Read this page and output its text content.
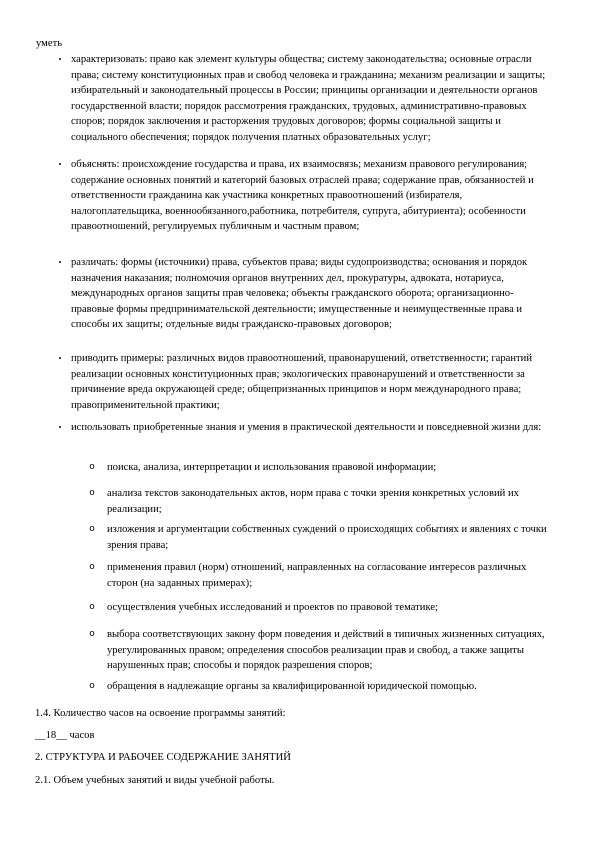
уметь
• характеризовать: право как элемент культуры общества; систему законодательства; основные отрасли права; систему конституционных прав и свобод человека и гражданина; механизм реализации и защиты; избирательный и законодательный процессы в России; принципы организации и деятельности органов государственной власти; порядок рассмотрения гражданских, трудовых, административно-правовых споров; порядок заключения и расторжения трудовых договоров; формы социальной защиты и социального обеспечения; порядок получения платных образовательных услуг;
• объяснять: происхождение государства и права, их взаимосвязь; механизм правового регулирования; содержание основных понятий и категорий базовых отраслей права; содержание прав, обязанностей и ответственности гражданина как участника конкретных правоотношений (избирателя, налогоплательщика, военнообязанного,работника, потребителя, супруга, абитуриента); особенности правоотношений, регулируемых публичным и частным правом;
• различать: формы (источники) права, субъектов права; виды судопроизводства; основания и порядок назначения наказания; полномочия органов внутренних дел, прокуратуры, адвоката, нотариуса, международных органов защиты прав человека; объекты гражданского оборота; организационно-правовые формы предпринимательской деятельности; имущественные и неимущественные права и способы их защиты; отдельные виды гражданско-правовых договоров;
• приводить примеры: различных видов правоотношений, правонарушений, ответственности; гарантий реализации основных конституционных прав; экологических правонарушений и ответственности за причинение вреда окружающей среде; общепризнанных принципов и норм международного права; правоприменительной практики;
• использовать приобретенные знания и умения в практической деятельности и повседневной жизни для:
o поиска, анализа, интерпретации и использования правовой информации;
o анализа текстов законодательных актов, норм права с точки зрения конкретных условий их реализации;
o изложения и аргументации собственных суждений о происходящих событиях и явлениях с точки зрения права;
o применения правил (норм) отношений, направленных на согласование интересов различных сторон (на заданных примерах);
o осуществления учебных исследований и проектов по правовой тематике;
o выбора соответствующих закону форм поведения и действий в типичных жизненных ситуациях, урегулированных правом; определения способов реализации прав и свобод, а также защиты нарушенных прав; способы и порядок разрешения споров;
o обращения в надлежащие органы за квалифицированной юридической помощью.
1.4. Количество часов на освоение программы занятий:
__18__ часов
2. СТРУКТУРА И РАБОЧЕЕ СОДЕРЖАНИЕ ЗАНЯТИЙ
2.1. Объем учебных занятий и виды учебной работы.
